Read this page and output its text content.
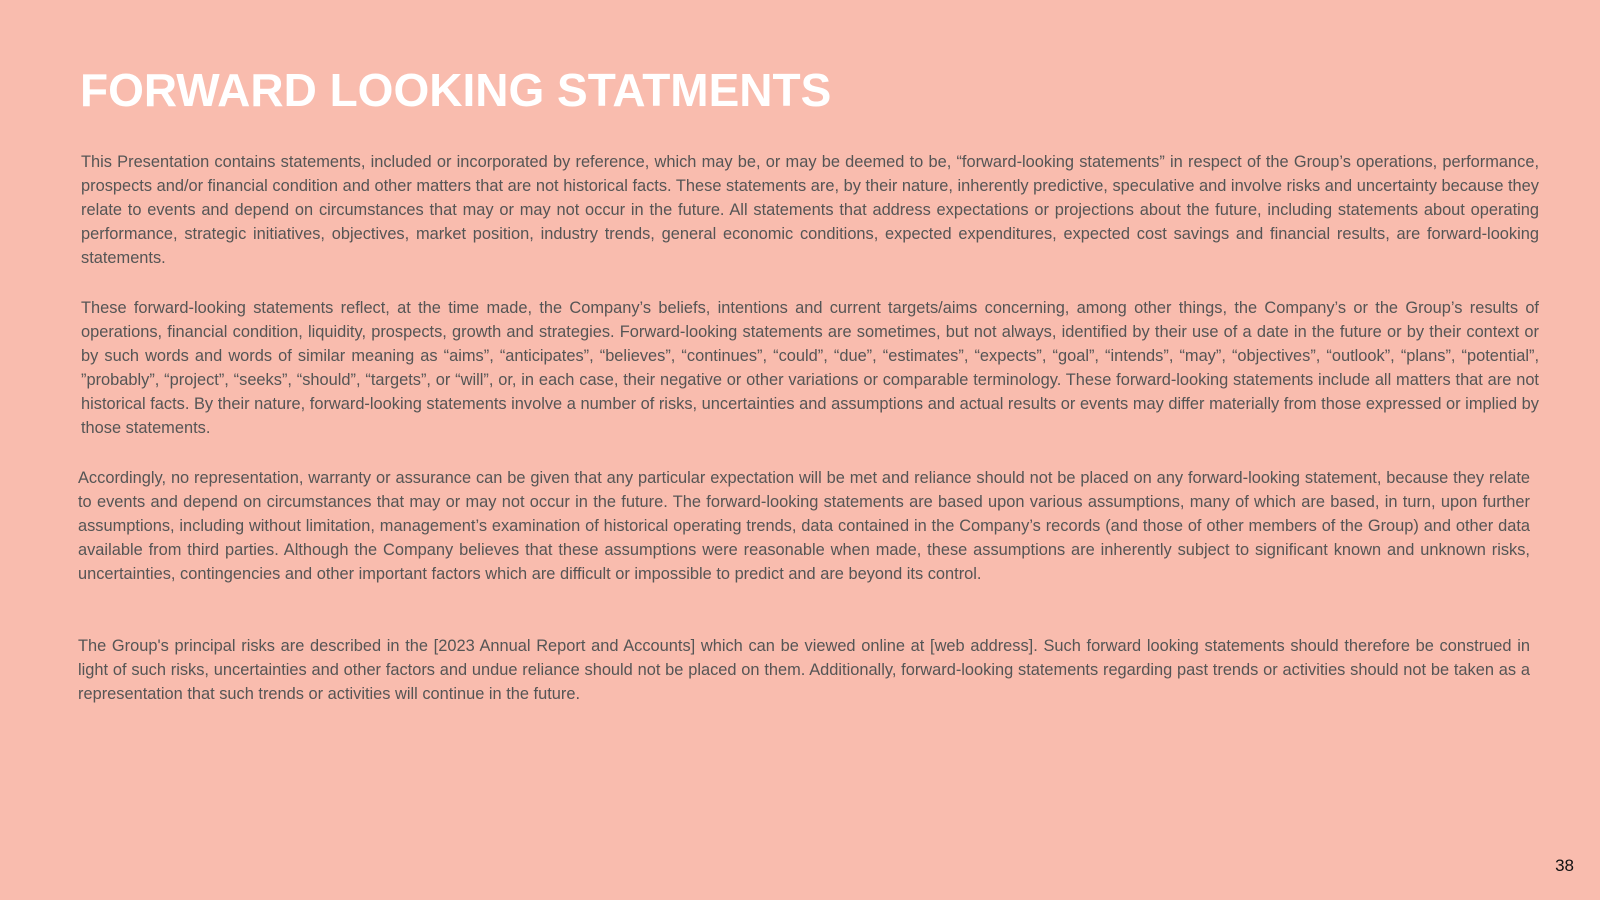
FORWARD LOOKING STATMENTS

This Presentation contains statements, included or incorporated by reference, which may be, or may be deemed to be, “forward-looking statements” in respect of the Group’s operations, performance, prospects and/or financial condition and other matters that are not historical facts. These statements are, by their nature, inherently predictive, speculative and involve risks and uncertainty because they relate to events and depend on circumstances that may or may not occur in the future. All statements that address expectations or projections about the future, including statements about operating performance, strategic initiatives, objectives, market position, industry trends, general economic conditions, expected expenditures, expected cost savings and financial results, are forward-looking statements.

These forward-looking statements reflect, at the time made, the Company’s beliefs, intentions and current targets/aims concerning, among other things, the Company’s or the Group’s results of operations, financial condition, liquidity, prospects, growth and strategies. Forward-looking statements are sometimes, but not always, identified by their use of a date in the future or by their context or by such words and words of similar meaning as “aims”, “anticipates”, “believes”, “continues”, “could”, “due”, “estimates”, “expects”, “goal”, “intends”, “may”, “objectives”, “outlook”, “plans”, “potential”, ”probably”, “project”, “seeks”, “should”, “targets”, or “will”, or, in each case, their negative or other variations or comparable terminology. These forward-looking statements include all matters that are not historical facts. By their nature, forward-looking statements involve a number of risks, uncertainties and assumptions and actual results or events may differ materially from those expressed or implied by those statements.

Accordingly, no representation, warranty or assurance can be given that any particular expectation will be met and reliance should not be placed on any forward-looking statement, because they relate to events and depend on circumstances that may or may not occur in the future. The forward-looking statements are based upon various assumptions, many of which are based, in turn, upon further assumptions, including without limitation, management’s examination of historical operating trends, data contained in the Company’s records (and those of other members of the Group) and other data available from third parties. Although the Company believes that these assumptions were reasonable when made, these assumptions are inherently subject to significant known and unknown risks, uncertainties, contingencies and other important factors which are difficult or impossible to predict and are beyond its control.

The Group's principal risks are described in the [2023 Annual Report and Accounts] which can be viewed online at [web address]. Such forward looking statements should therefore be construed in light of such risks, uncertainties and other factors and undue reliance should not be placed on them. Additionally, forward-looking statements regarding past trends or activities should not be taken as a representation that such trends or activities will continue in the future.

38
